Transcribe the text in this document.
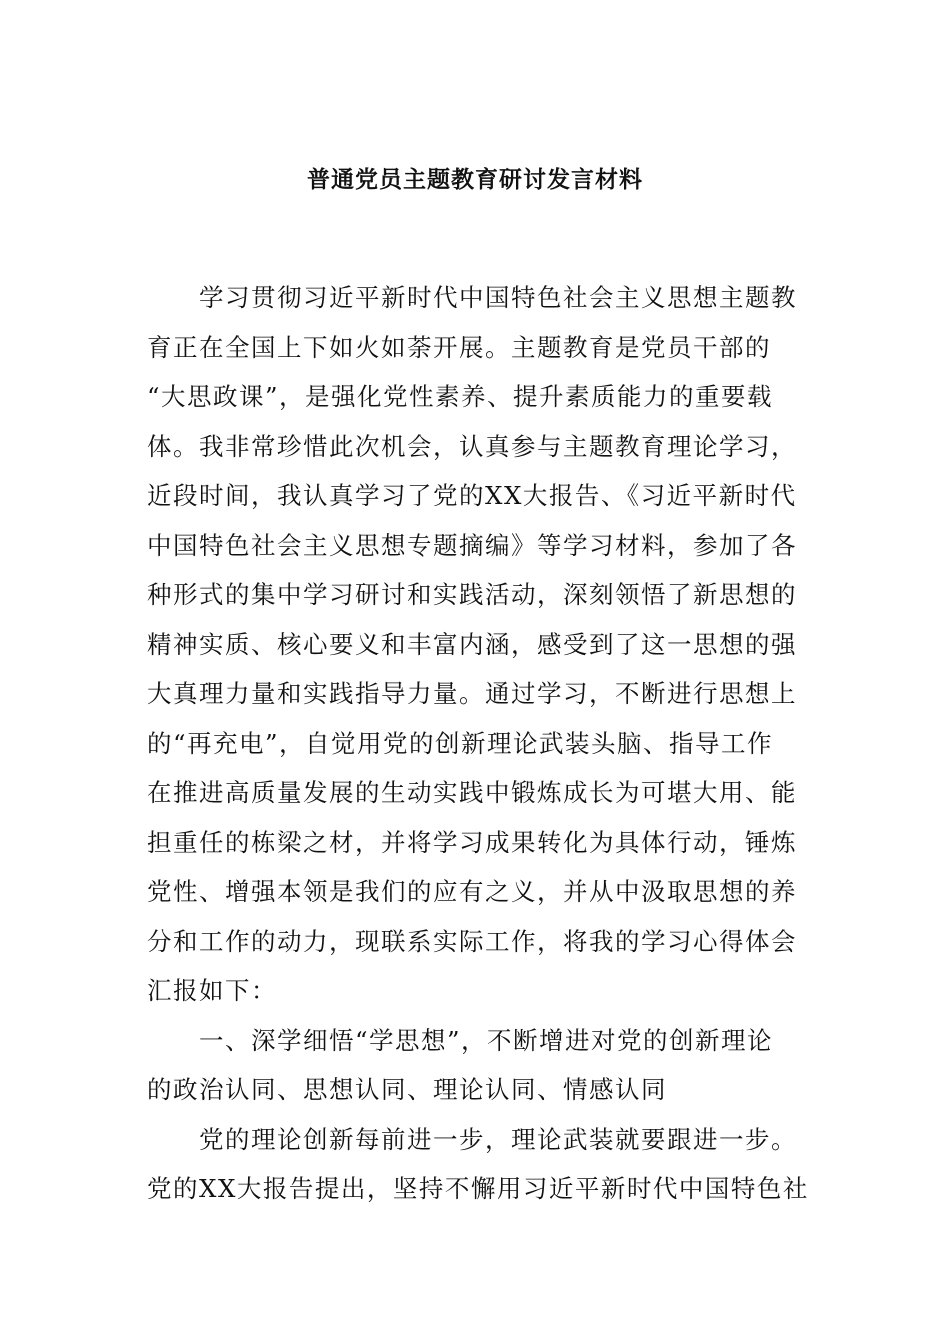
普通党员主题教育研讨发言材料
学习贯彻习近平新时代中国特色社会主义思想主题教
育正在全国上下如火如荼开展。主题教育是党员干部的
“大思政课”，是强化党性素养、提升素质能力的重要载
体。我非常珍惜此次机会，认真参与主题教育理论学习，
近段时间，我认真学习了党的XX大报告、《习近平新时代
中国特色社会主义思想专题摘编》等学习材料，参加了各
种形式的集中学习研讨和实践活动，深刻领悟了新思想的
精神实质、核心要义和丰富内涵，感受到了这一思想的强
大真理力量和实践指导力量。通过学习，不断进行思想上
的“再充电”，自觉用党的创新理论武装头脑、指导工作
在推进高质量发展的生动实践中锻炼成长为可堪大用、能
担重任的栋梁之材，并将学习成果转化为具体行动，锤炼
党性、增强本领是我们的应有之义，并从中汲取思想的养
分和工作的动力，现联系实际工作，将我的学习心得体会
汇报如下：
一、深学细悟“学思想”，不断增进对党的创新理论
的政治认同、思想认同、理论认同、情感认同
党的理论创新每前进一步，理论武装就要跟进一步。
党的XX大报告提出，坚持不懈用习近平新时代中国特色社
